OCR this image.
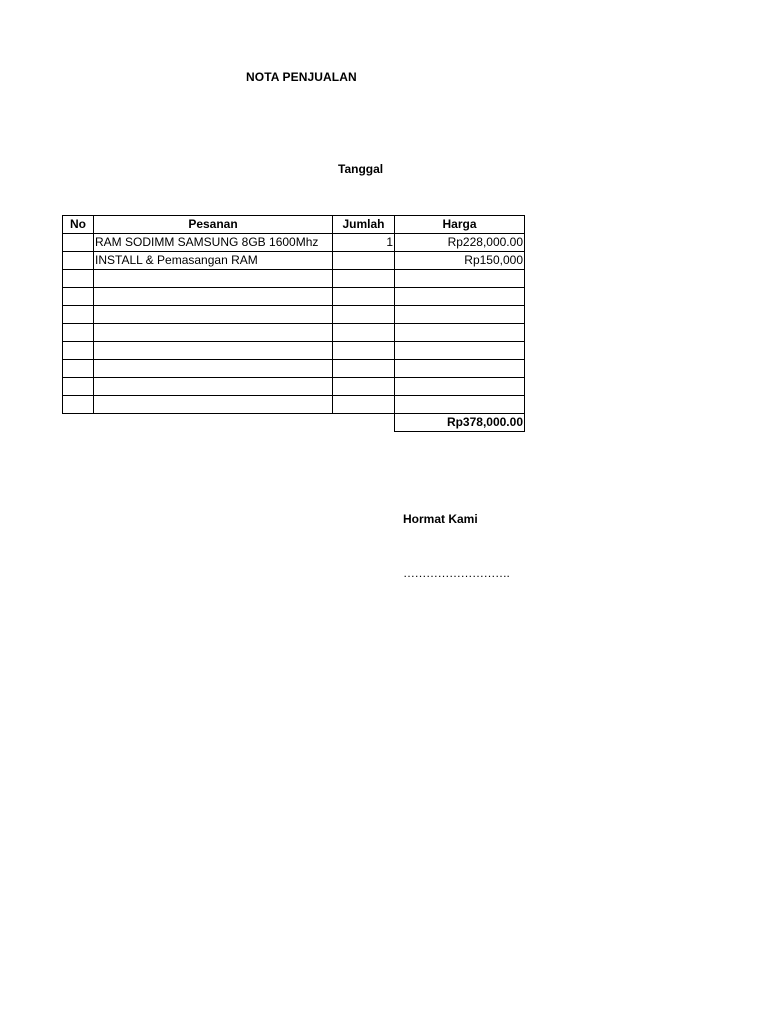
NOTA PENJUALAN
Tanggal
No	Pesanan	Jumlah	Harga
	RAM SODIMM SAMSUNG 8GB 1600Mhz	1	Rp228,000.00
	INSTALL & Pemasangan RAM		Rp150,000

			Rp378,000.00
Hormat Kami
……………………….
